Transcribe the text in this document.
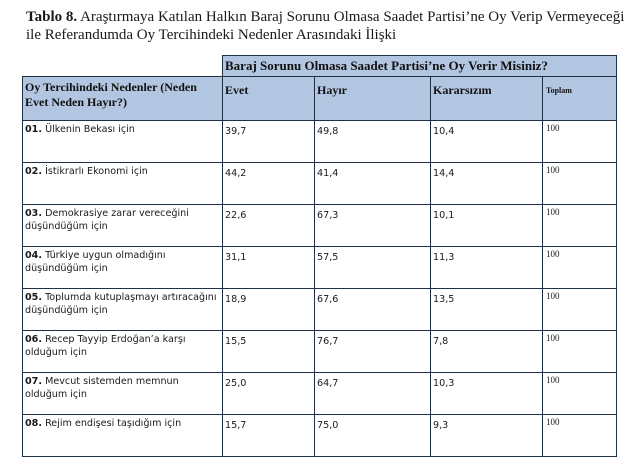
Tablo 8. Araştırmaya Katılan Halkın Baraj Sorunu Olmasa Saadet Partisi’ne Oy Verip Vermeyeceği ile Referandumda Oy Tercihindeki Nedenler Arasındaki İlişki
	Baraj Sorunu Olmasa Saadet Partisi’ne Oy Verir Misiniz?			
Oy Tercihindeki Nedenler (Neden Evet Neden Hayır?)	Evet	Hayır	Kararsızım	Toplam
01. Ülkenin Bekası için	39,7	49,8	10,4	100
02. İstikrarlı Ekonomi için	44,2	41,4	14,4	100
03. Demokrasiye zarar vereceğini düşündüğüm için	22,6	67,3	10,1	100
04. Türkiye uygun olmadığını düşündüğüm için	31,1	57,5	11,3	100
05. Toplumda kutuplaşmayı artıracağını düşündüğüm için	18,9	67,6	13,5	100
06. Recep Tayyip Erdoğan’a karşı olduğum için	15,5	76,7	7,8	100
07. Mevcut sistemden memnun olduğum için	25,0	64,7	10,3	100
08. Rejim endişesi taşıdığım için	15,7	75,0	9,3	100
